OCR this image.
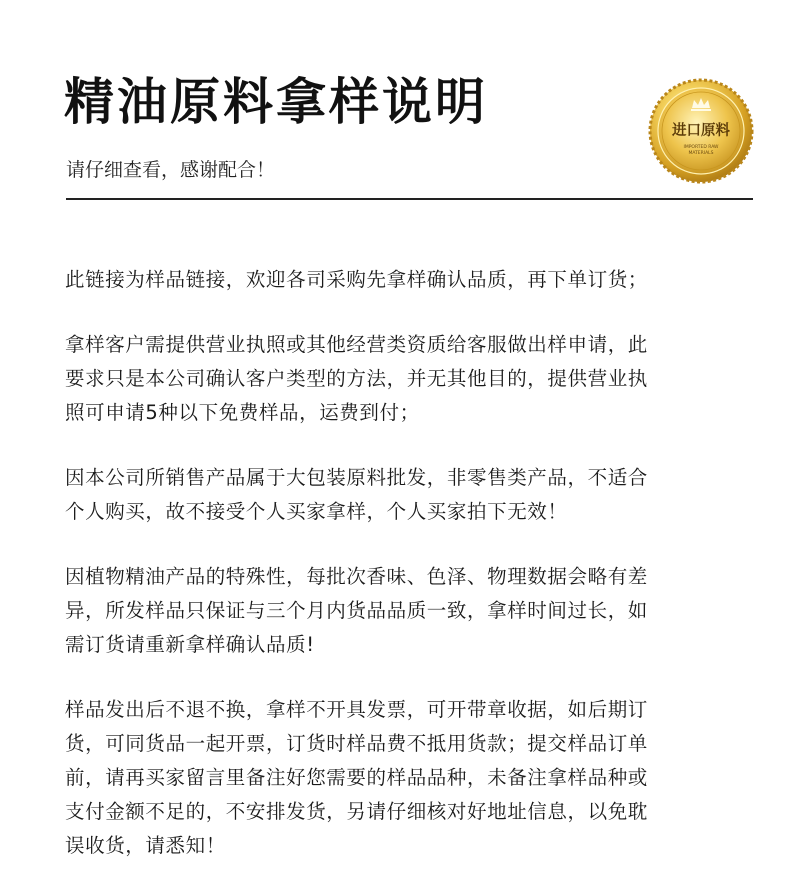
精油原料拿样说明
请仔细查看，感谢配合！
进口原料
IMPORTED RAW
MATERIALS

此链接为样品链接，欢迎各司采购先拿样确认品质，再下单订货；

拿样客户需提供营业执照或其他经营类资质给客服做出样申请，此
要求只是本公司确认客户类型的方法，并无其他目的，提供营业执
照可申请5种以下免费样品，运费到付；

因本公司所销售产品属于大包装原料批发，非零售类产品，不适合
个人购买，故不接受个人买家拿样，个人买家拍下无效！

因植物精油产品的特殊性，每批次香味、色泽、物理数据会略有差
异，所发样品只保证与三个月内货品品质一致，拿样时间过长，如
需订货请重新拿样确认品质!

样品发出后不退不换，拿样不开具发票，可开带章收据，如后期订
货，可同货品一起开票，订货时样品费不抵用货款；提交样品订单
前，请再买家留言里备注好您需要的样品品种，未备注拿样品种或
支付金额不足的，不安排发货，另请仔细核对好地址信息，以免耽
误收货，请悉知！
